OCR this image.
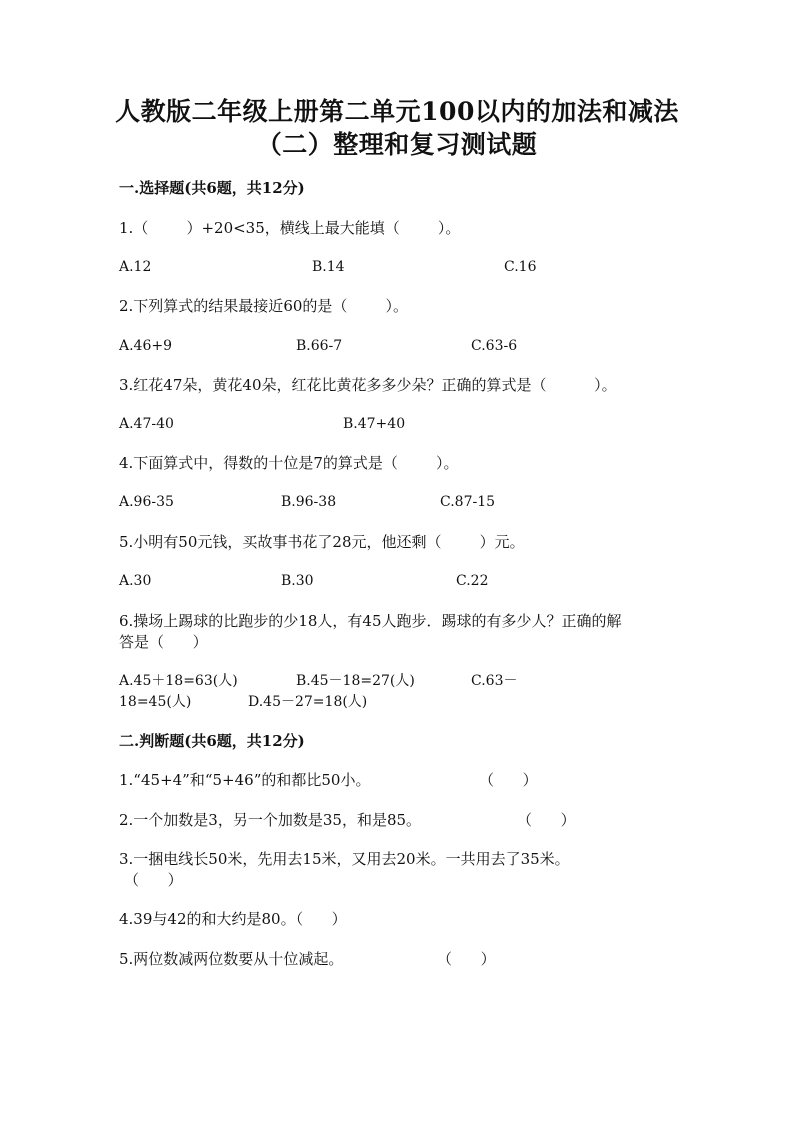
人教版二年级上册第二单元100以内的加法和减法
（二）整理和复习测试题
一.选择题(共6题，共12分)
1.（        ）+20<35，横线上最大能填（        ）。
A.12	B.14	C.16
2.下列算式的结果最接近60的是（        ）。
A.46+9	B.66-7	C.63-6
3.红花47朵，黄花40朵，红花比黄花多多少朵？正确的算式是（          ）。
A.47-40	B.47+40
4.下面算式中，得数的十位是7的算式是（        ）。
A.96-35	B.96-38	C.87-15
5.小明有50元钱，买故事书花了28元，他还剩（        ）元。
A.30	B.30	C.22
6.操场上踢球的比跑步的少18人，有45人跑步．踢球的有多少人？正确的解
答是（      ）
A.45＋18=63(人)	B.45－18=27(人)	C.63－
18=45(人)	D.45－27=18(人)
二.判断题(共6题，共12分)
1.“45+4”和“5+46”的和都比50小。	（      ）
2.一个加数是3，另一个加数是35，和是85。	（      ）
3.一捆电线长50米，先用去15米，又用去20米。一共用去了35米。
（      ）
4.39与42的和大约是80。（      ）
5.两位数减两位数要从十位减起。	（      ）
